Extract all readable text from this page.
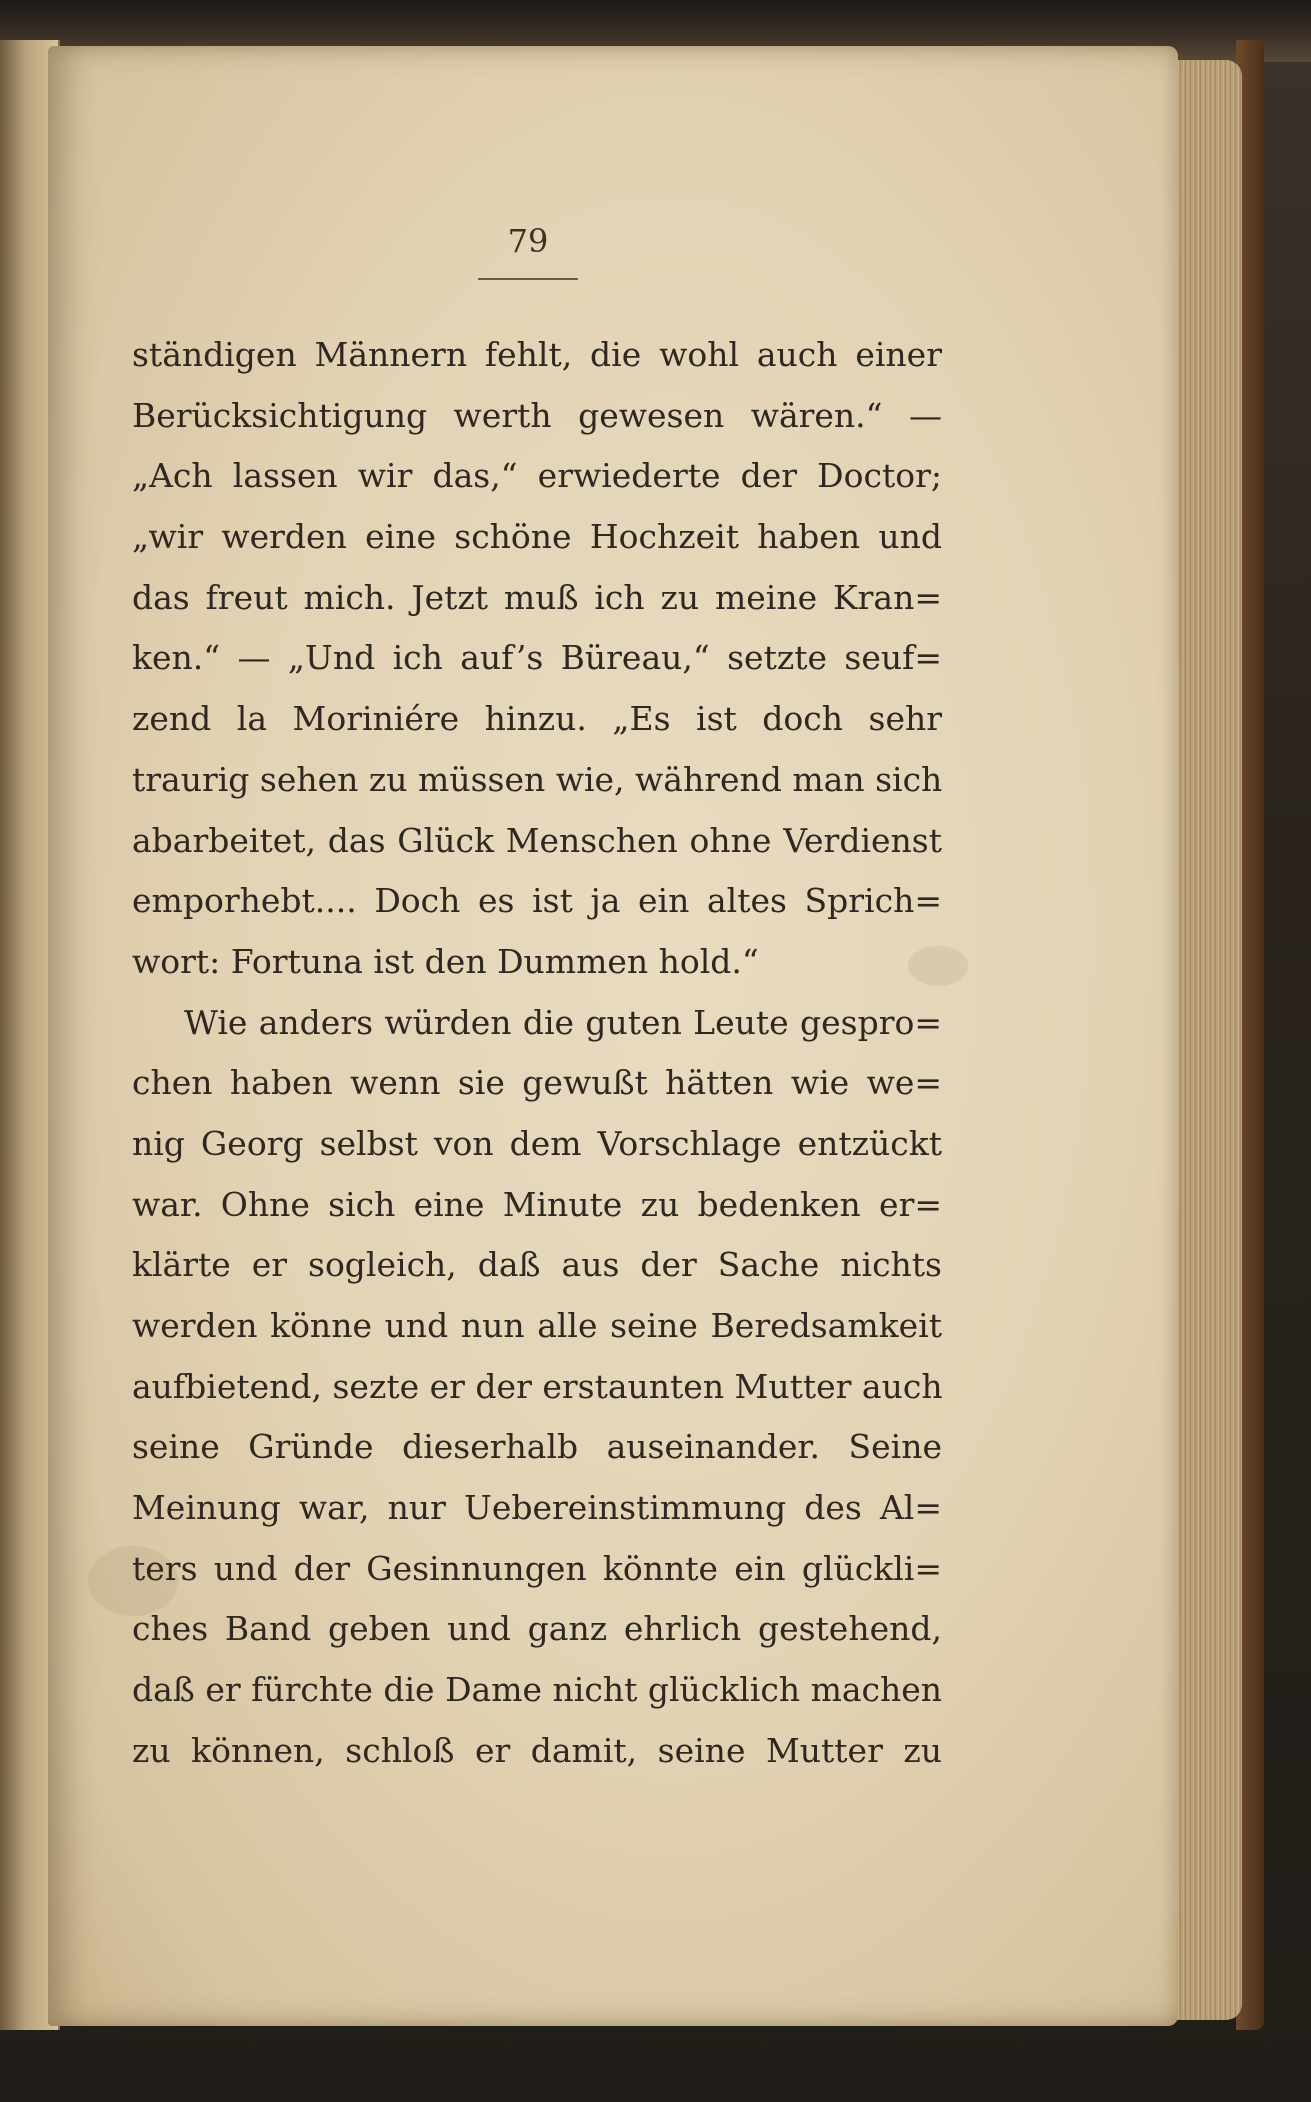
79
ständigen Männern fehlt, die wohl auch einer
Berücksichtigung werth gewesen wären.“ —
„Ach lassen wir das,“ erwiederte der Doctor;
„wir werden eine schöne Hochzeit haben und
das freut mich. Jetzt muß ich zu meine Kran=
ken.“ — „Und ich auf’s Büreau,“ setzte seuf=
zend la Moriniére hinzu. „Es ist doch sehr
traurig sehen zu müssen wie, während man sich
abarbeitet, das Glück Menschen ohne Verdienst
emporhebt.... Doch es ist ja ein altes Sprich=
wort: Fortuna ist den Dummen hold.“
Wie anders würden die guten Leute gespro=
chen haben wenn sie gewußt hätten wie we=
nig Georg selbst von dem Vorschlage entzückt
war. Ohne sich eine Minute zu bedenken er=
klärte er sogleich, daß aus der Sache nichts
werden könne und nun alle seine Beredsamkeit
aufbietend, sezte er der erstaunten Mutter auch
seine Gründe dieserhalb auseinander. Seine
Meinung war, nur Uebereinstimmung des Al=
ters und der Gesinnungen könnte ein glückli=
ches Band geben und ganz ehrlich gestehend,
daß er fürchte die Dame nicht glücklich machen
zu können, schloß er damit, seine Mutter zu
